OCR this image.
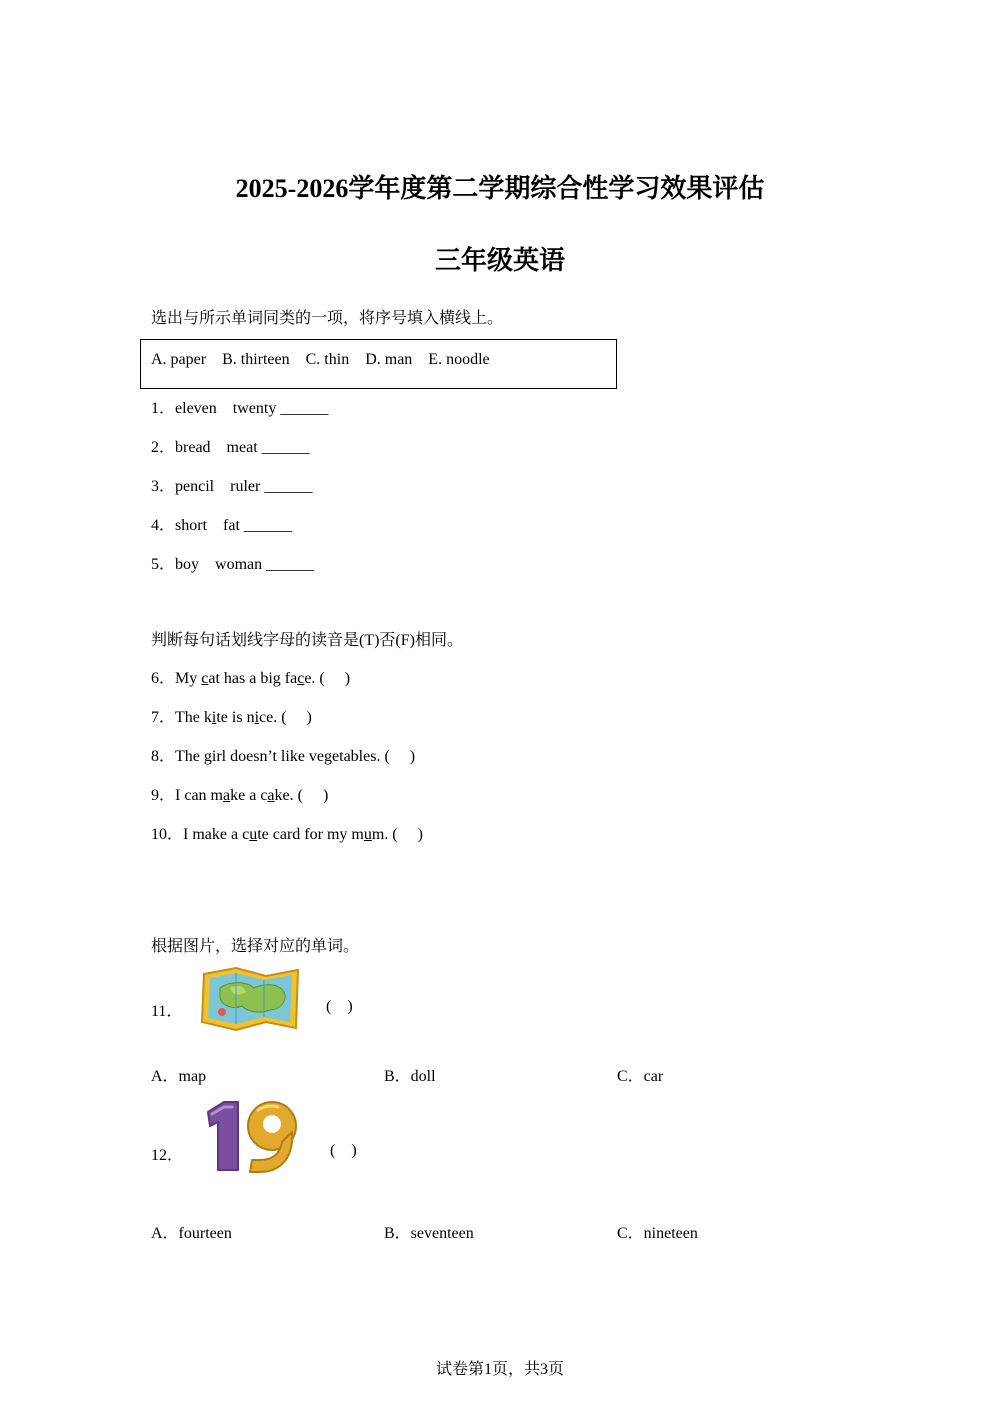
2025-2026学年度第二学期综合性学习效果评估
三年级英语
选出与所示单词同类的一项，将序号填入横线上。
A. paper    B. thirteen    C. thin    D. man    E. noodle
1．eleven    twenty ______
2．bread    meat ______
3．pencil    ruler ______
4．short    fat ______
5．boy    woman ______
判断每句话划线字母的读音是(T)否(F)相同。
6．My cat has a big face. (     )
7．The kite is nice. (     )
8．The girl doesn’t like vegetables. (     )
9．I can make a cake. (     )
10．I make a cute card for my mum. (     )
根据图片，选择对应的单词。
11．	(    )
A．map	B．doll	C．car
12．	(    )
A．fourteen	B．seventeen	C．nineteen
试卷第1页，共3页
